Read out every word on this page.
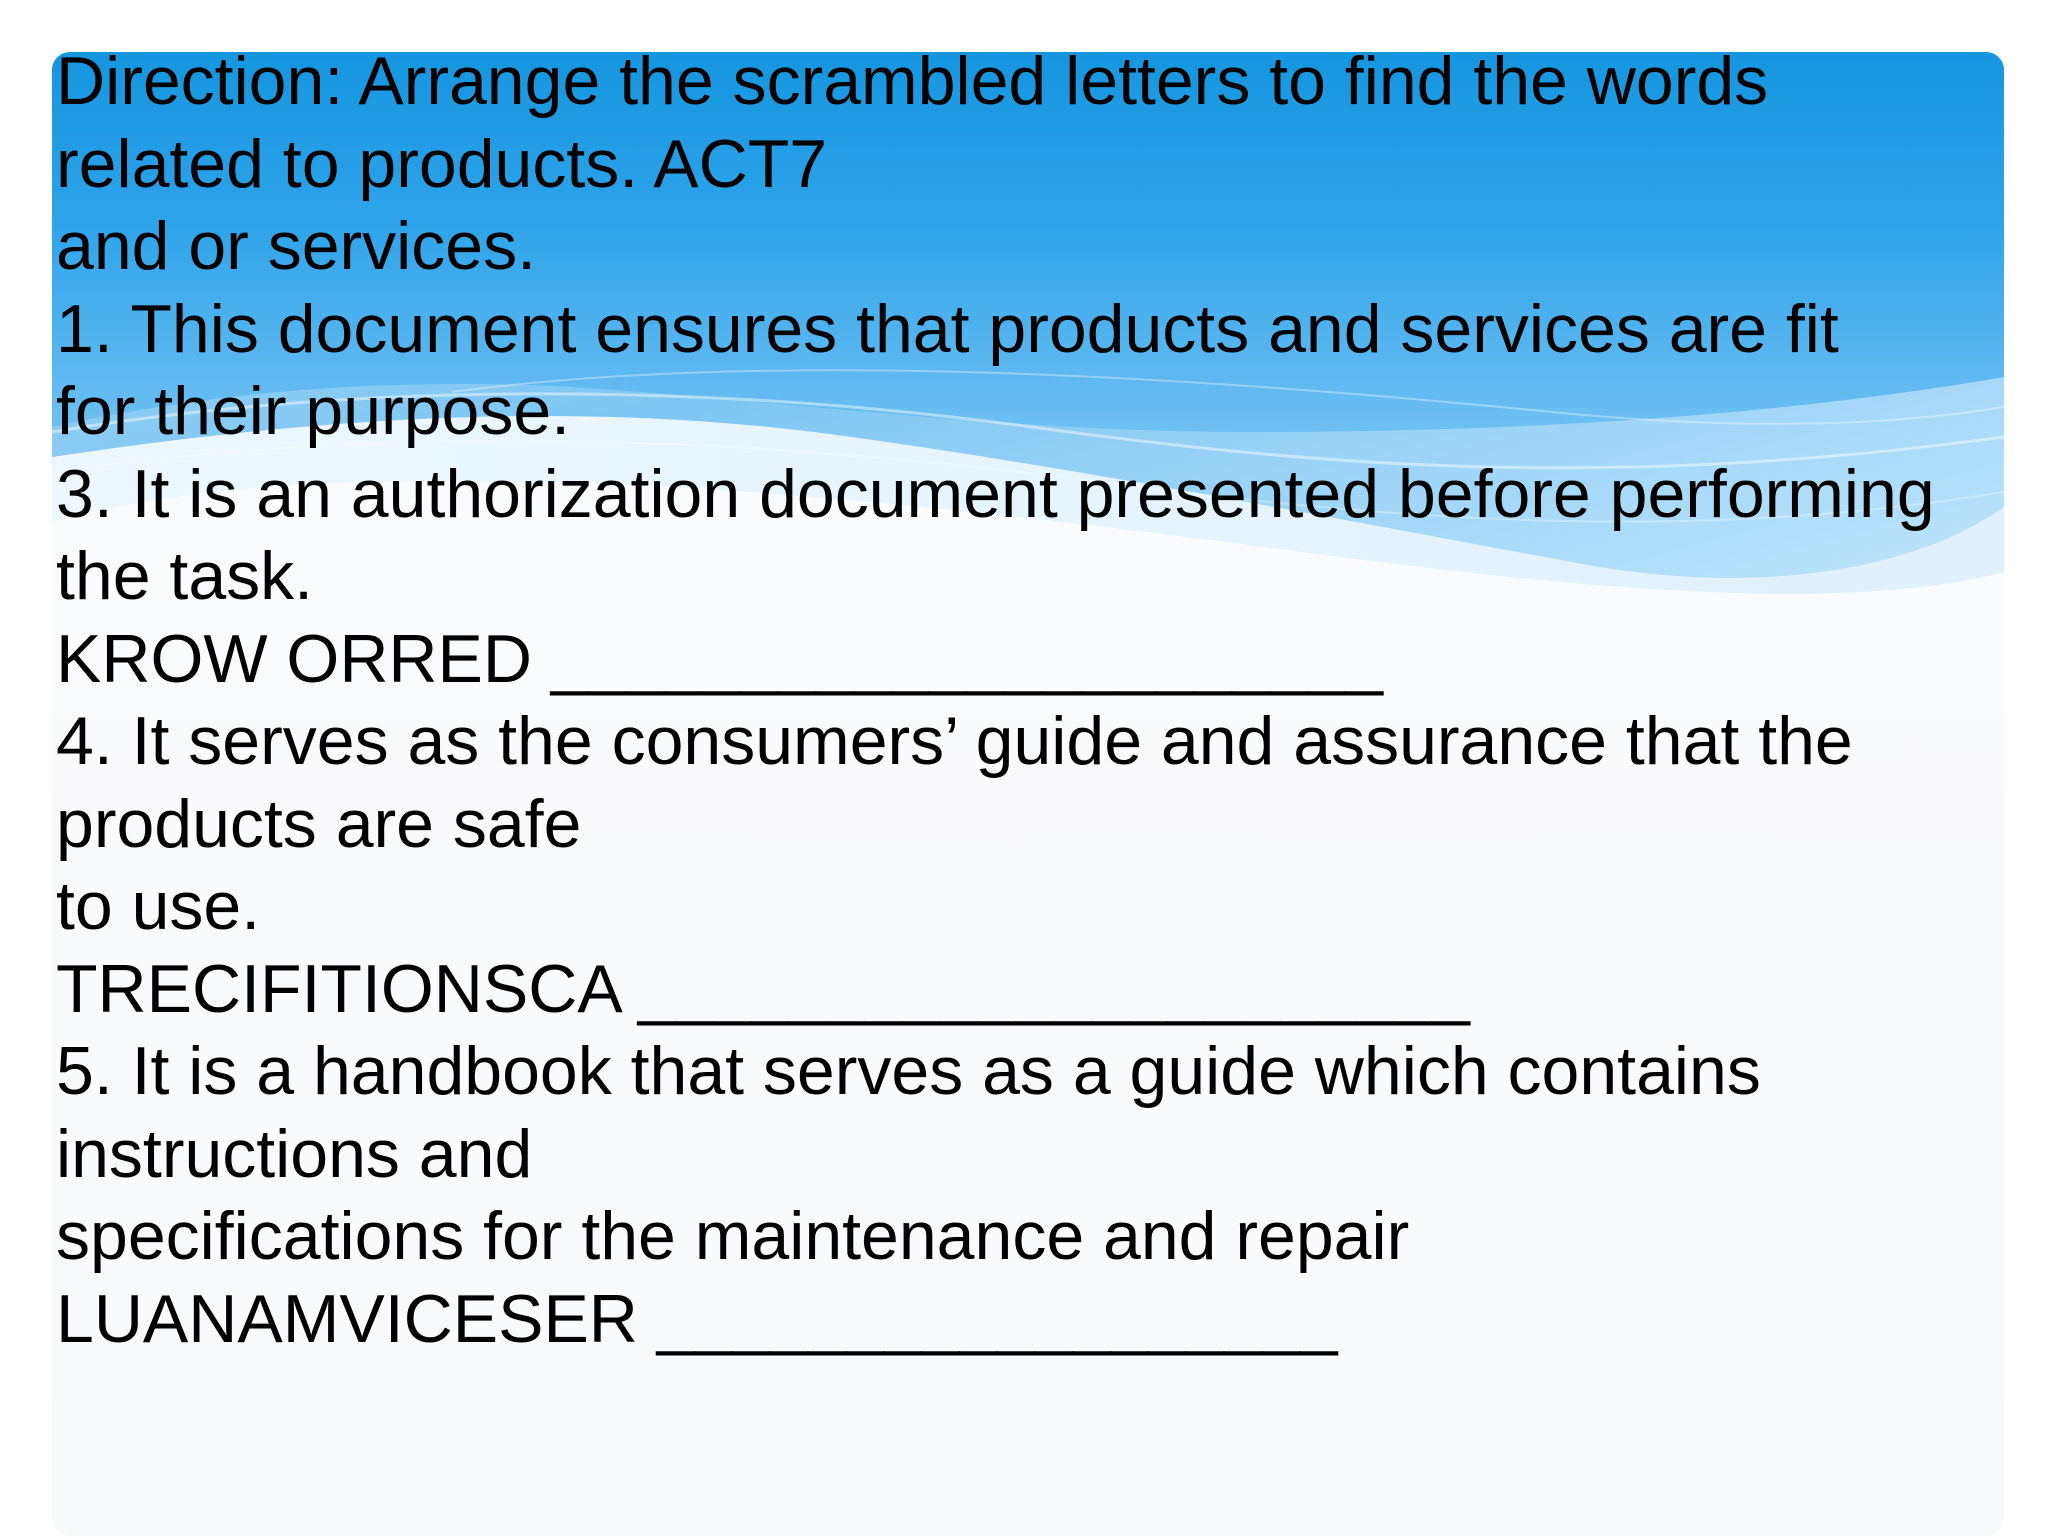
Direction: Arrange the scrambled letters to find the words
related to products. ACT7
and or services.
1. This document ensures that products and services are fit
for their purpose.
3. It is an authorization document presented before performing
the task.
KROW ORRED ______________________
4. It serves as the consumers’ guide and assurance that the
products are safe
to use.
TRECIFITIONSCA ______________________
5. It is a handbook that serves as a guide which contains
instructions and
specifications for the maintenance and repair
LUANAMVICESER __________________
